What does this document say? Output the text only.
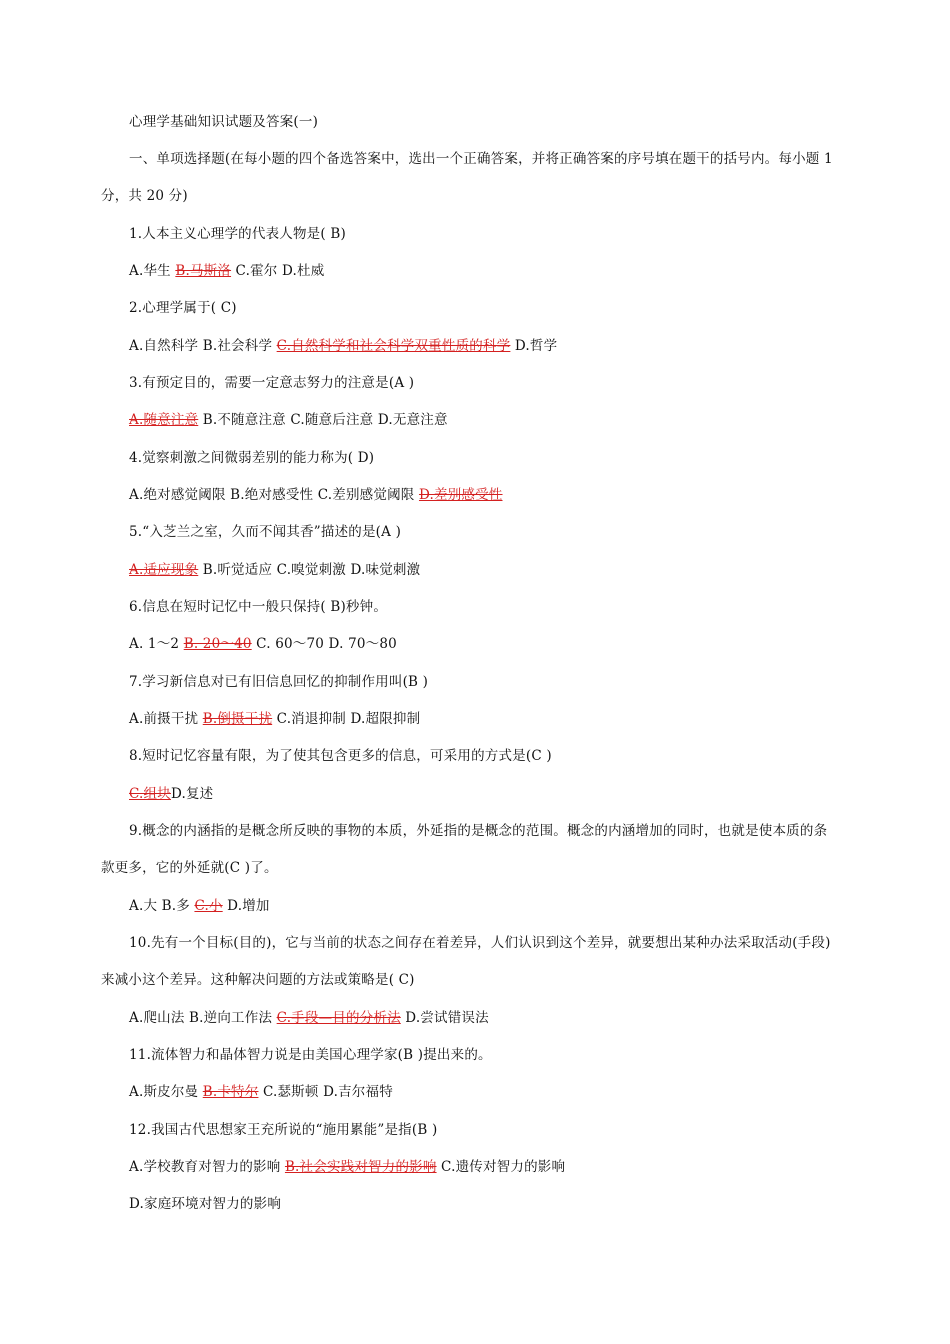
心理学基础知识试题及答案(一)
一、单项选择题(在每小题的四个备选答案中，选出一个正确答案，并将正确答案的序号填在题干的括号内。每小题 1
分，共 20 分)
1.人本主义心理学的代表人物是( B)
A.华生 B.马斯洛 C.霍尔 D.杜威
2.心理学属于( C)
A.自然科学 B.社会科学 C.自然科学和社会科学双重性质的科学 D.哲学
3.有预定目的，需要一定意志努力的注意是(A )
A.随意注意 B.不随意注意 C.随意后注意 D.无意注意
4.觉察刺激之间微弱差别的能力称为( D)
A.绝对感觉阈限 B.绝对感受性 C.差别感觉阈限 D.差别感受性
5.“入芝兰之室，久而不闻其香”描述的是(A )
A.适应现象 B.听觉适应 C.嗅觉刺激 D.味觉刺激
6.信息在短时记忆中一般只保持( B)秒钟。
A. 1～2 B. 20～40 C. 60～70 D. 70～80
7.学习新信息对已有旧信息回忆的抑制作用叫(B )
A.前摄干扰 B.倒摄干扰 C.消退抑制 D.超限抑制
8.短时记忆容量有限，为了使其包含更多的信息，可采用的方式是(C )
C.组块D.复述
9.概念的内涵指的是概念所反映的事物的本质，外延指的是概念的范围。概念的内涵增加的同时，也就是使本质的条
款更多，它的外延就(C )了。
A.大 B.多 C.小 D.增加
10.先有一个目标(目的)，它与当前的状态之间存在着差异，人们认识到这个差异，就要想出某种办法采取活动(手段)
来减小这个差异。这种解决问题的方法或策略是( C)
A.爬山法 B.逆向工作法 C.手段—目的分析法 D.尝试错误法
11.流体智力和晶体智力说是由美国心理学家(B )提出来的。
A.斯皮尔曼 B.卡特尔 C.瑟斯顿 D.吉尔福特
12.我国古代思想家王充所说的“施用累能”是指(B )
A.学校教育对智力的影响 B.社会实践对智力的影响 C.遗传对智力的影响
D.家庭环境对智力的影响
